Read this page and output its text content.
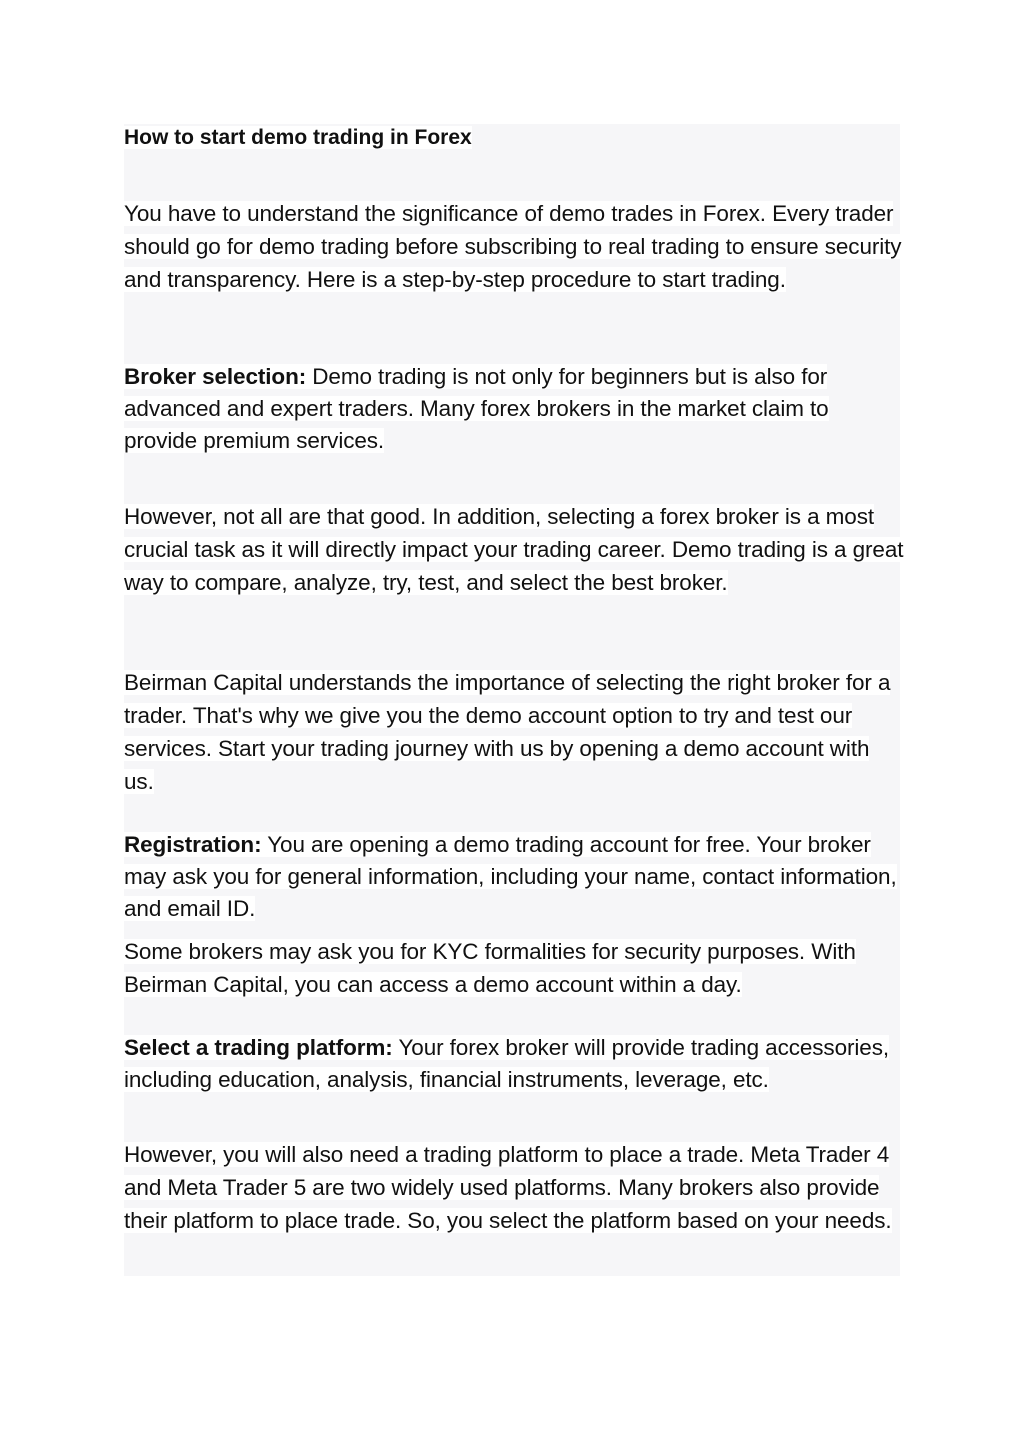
How to start demo trading in Forex

You have to understand the significance of demo trades in Forex. Every trader should go for demo trading before subscribing to real trading to ensure security and transparency. Here is a step-by-step procedure to start trading.

Broker selection: Demo trading is not only for beginners but is also for advanced and expert traders. Many forex brokers in the market claim to provide premium services.

However, not all are that good. In addition, selecting a forex broker is a most crucial task as it will directly impact your trading career. Demo trading is a great way to compare, analyze, try, test, and select the best broker.

Beirman Capital understands the importance of selecting the right broker for a trader. That's why we give you the demo account option to try and test our services. Start your trading journey with us by opening a demo account with us.

Registration: You are opening a demo trading account for free. Your broker may ask you for general information, including your name, contact information, and email ID.

Some brokers may ask you for KYC formalities for security purposes. With Beirman Capital, you can access a demo account within a day.

Select a trading platform: Your forex broker will provide trading accessories, including education, analysis, financial instruments, leverage, etc.

However, you will also need a trading platform to place a trade. Meta Trader 4 and Meta Trader 5 are two widely used platforms. Many brokers also provide their platform to place trade. So, you select the platform based on your needs.
